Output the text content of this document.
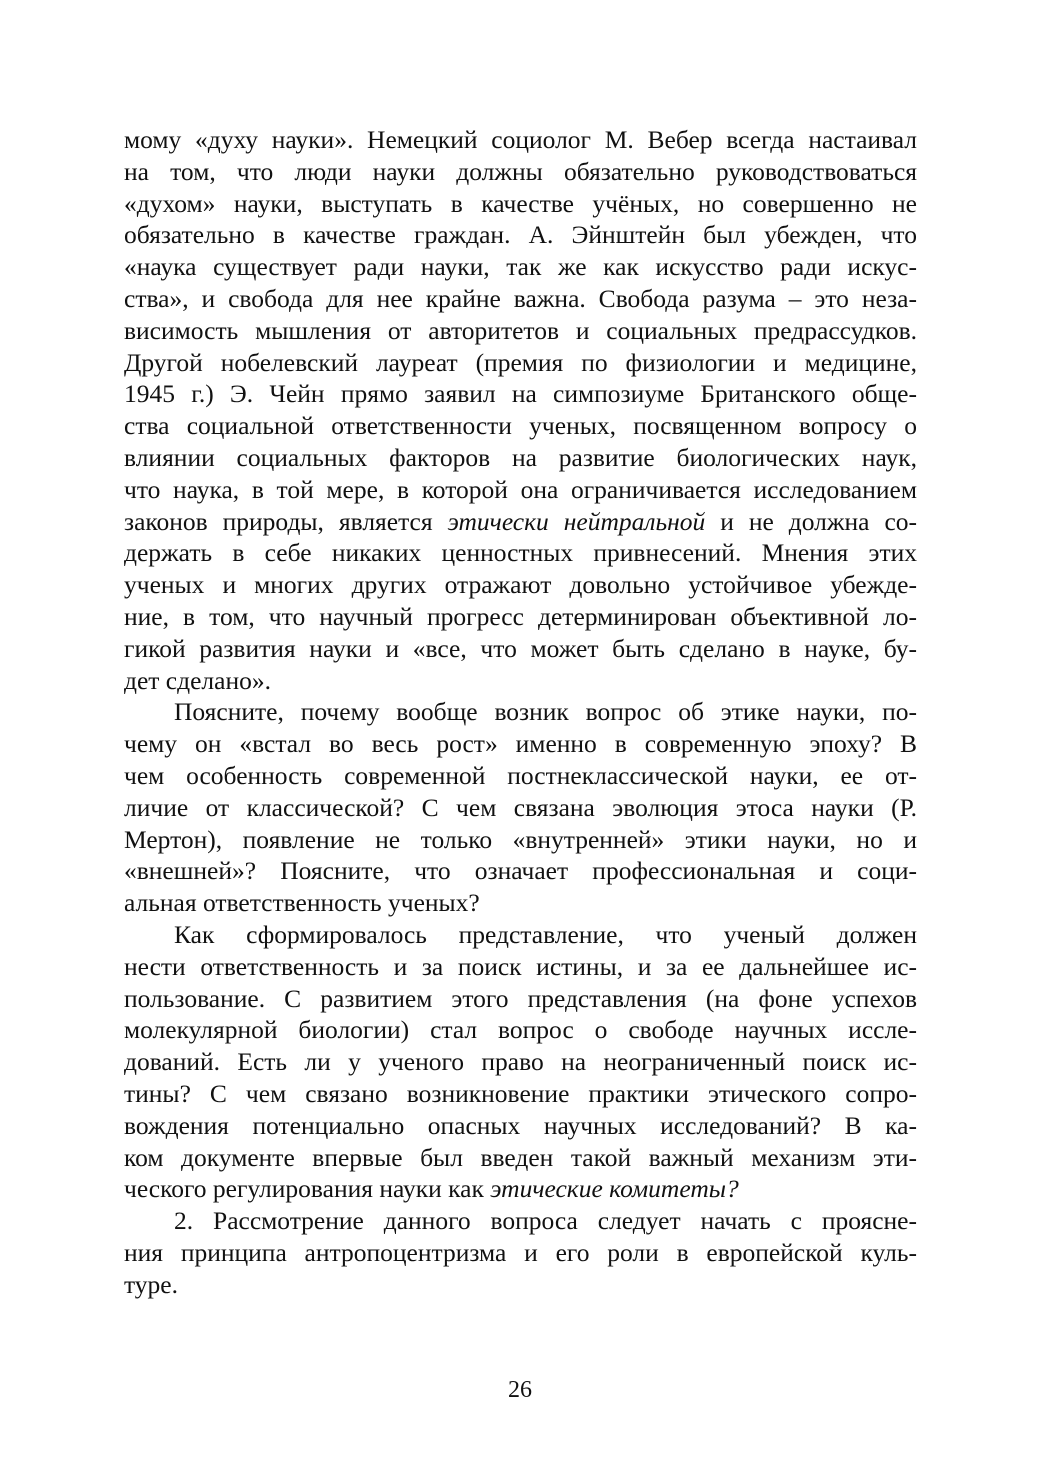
мому «духу науки». Немецкий социолог М. Вебер всегда настаивал
на том, что люди науки должны обязательно руководствоваться
«духом» науки, выступать в качестве учёных, но совершенно не
обязательно в качестве граждан. А. Эйнштейн был убежден, что
«наука существует ради науки, так же как искусство ради искус-
ства», и свобода для нее крайне важна. Свобода разума – это неза-
висимость мышления от авторитетов и социальных предрассудков.
Другой нобелевский лауреат (премия по физиологии и медицине,
1945 г.) Э. Чейн прямо заявил на симпозиуме Британского обще-
ства социальной ответственности ученых, посвященном вопросу о
влиянии социальных факторов на развитие биологических наук,
что наука, в той мере, в которой она ограничивается исследованием
законов природы, является этически нейтральной и не должна со-
держать в себе никаких ценностных привнесений. Мнения этих
ученых и многих других отражают довольно устойчивое убежде-
ние, в том, что научный прогресс детерминирован объективной ло-
гикой развития науки и «все, что может быть сделано в науке, бу-
дет сделано».

Поясните, почему вообще возник вопрос об этике науки, по-
чему он «встал во весь рост» именно в современную эпоху? В
чем особенность современной постнеклассической науки, ее от-
личие от классической? С чем связана эволюция этоса науки (Р.
Мертон), появление не только «внутренней» этики науки, но и
«внешней»? Поясните, что означает профессиональная и соци-
альная ответственность ученых?

Как сформировалось представление, что ученый должен
нести ответственность и за поиск истины, и за ее дальнейшее ис-
пользование. С развитием этого представления (на фоне успехов
молекулярной биологии) стал вопрос о свободе научных иссле-
дований. Есть ли у ученого право на неограниченный поиск ис-
тины? С чем связано возникновение практики этического сопро-
вождения потенциально опасных научных исследований? В ка-
ком документе впервые был введен такой важный механизм эти-
ческого регулирования науки как этические комитеты?

2. Рассмотрение данного вопроса следует начать с проясне-
ния принципа антропоцентризма и его роли в европейской куль-
туре.

26
